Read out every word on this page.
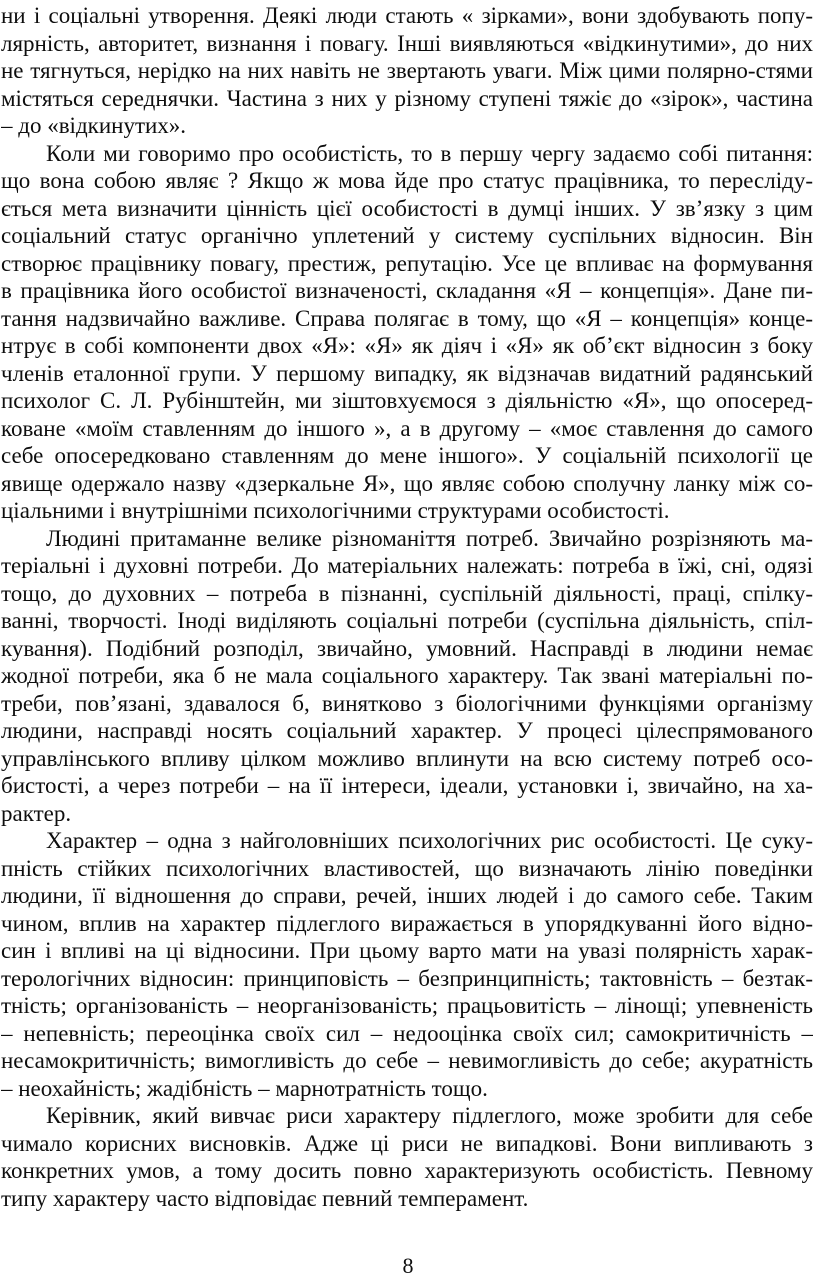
ни і соціальні утворення. Деякі люди стають « зірками», вони здобувають попу-
лярність, авторитет, визнання і повагу. Інші виявляються «відкинутими», до них
не тягнуться, нерідко на них навіть не звертають уваги. Між цими полярно-стями
містяться середнячки. Частина з них у різному ступені тяжіє до «зірок», частина
– до «відкинутих».
Коли ми говоримо про особистість, то в першу чергу задаємо собі питання:
що вона собою являє ? Якщо ж мова йде про статус працівника, то пересліду-
ється мета визначити цінність цієї особистості в думці інших. У зв’язку з цим
соціальний статус органічно уплетений у систему суспільних відносин. Він
створює працівнику повагу, престиж, репутацію. Усе це впливає на формування
в працівника його особистої визначеності, складання «Я – концепція». Дане пи-
тання надзвичайно важливе. Справа полягає в тому, що «Я – концепція» конце-
нтрує в собі компоненти двох «Я»: «Я» як діяч і «Я» як об’єкт відносин з боку
членів еталонної групи. У першому випадку, як відзначав видатний радянський
психолог С. Л. Рубінштейн, ми зіштовхуємося з діяльністю «Я», що опосеред-
коване «моїм ставленням до іншого », а в другому – «моє ставлення до самого
себе опосередковано ставленням до мене іншого». У соціальній психології це
явище одержало назву «дзеркальне Я», що являє собою сполучну ланку між со-
ціальними і внутрішніми психологічними структурами особистості.
Людині притаманне велике різноманіття потреб. Звичайно розрізняють ма-
теріальні і духовні потреби. До матеріальних належать: потреба в їжі, сні, одязі
тощо, до духовних – потреба в пізнанні, суспільній діяльності, праці, спілку-
ванні, творчості. Іноді виділяють соціальні потреби (суспільна діяльність, спіл-
кування). Подібний розподіл, звичайно, умовний. Насправді в людини немає
жодної потреби, яка б не мала соціального характеру. Так звані матеріальні по-
треби, пов’язані, здавалося б, винятково з біологічними функціями організму
людини, насправді носять соціальний характер. У процесі цілеспрямованого
управлінського впливу цілком можливо вплинути на всю систему потреб осо-
бистості, а через потреби – на її інтереси, ідеали, установки і, звичайно, на ха-
рактер.
Характер – одна з найголовніших психологічних рис особистості. Це суку-
пність стійких психологічних властивостей, що визначають лінію поведінки
людини, її відношення до справи, речей, інших людей і до самого себе. Таким
чином, вплив на характер підлеглого виражається в упорядкуванні його відно-
син і впливі на ці відносини. При цьому варто мати на увазі полярність харак-
терологічних відносин: принциповість – безпринципність; тактовність – безтак-
тність; організованість – неорганізованість; працьовитість – лінощі; упевненість
– непевність; переоцінка своїх сил – недооцінка своїх сил; самокритичність –
несамокритичність; вимогливість до себе – невимогливість до себе; акуратність
– неохайність; жадібність – марнотратність тощо.
Керівник, який вивчає риси характеру підлеглого, може зробити для себе
чимало корисних висновків. Адже ці риси не випадкові. Вони випливають з
конкретних умов, а тому досить повно характеризують особистість. Певному
типу характеру часто відповідає певний темперамент.
8
